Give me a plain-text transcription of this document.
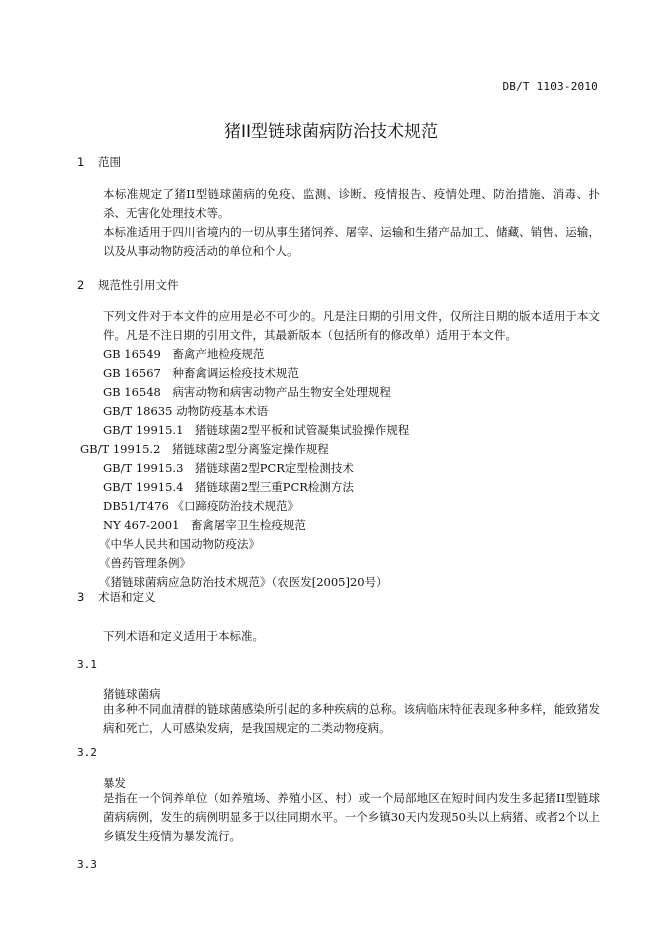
DB/T 1103-2010
猪II型链球菌病防治技术规范
1 范围
本标准规定了猪II型链球菌病的免疫、监测、诊断、疫情报告、疫情处理、防治措施、消毒、扑杀、无害化处理技术等。
本标准适用于四川省境内的一切从事生猪饲养、屠宰、运输和生猪产品加工、储藏、销售、运输，以及从事动物防疫活动的单位和个人。
2 规范性引用文件
下列文件对于本文件的应用是必不可少的。凡是注日期的引用文件，仅所注日期的版本适用于本文件。凡是不注日期的引用文件，其最新版本（包括所有的修改单）适用于本文件。
GB 16549　畜禽产地检疫规范
GB 16567　种畜禽调运检疫技术规范
GB 16548　病害动物和病害动物产品生物安全处理规程
GB/T 18635 动物防疫基本术语
GB/T 19915.1　猪链球菌2型平板和试管凝集试验操作规程
GB/T 19915.2　猪链球菌2型分离鉴定操作规程
GB/T 19915.3　猪链球菌2型PCR定型检测技术
GB/T 19915.4　猪链球菌2型三重PCR检测方法
DB51/T476 《口蹄疫防治技术规范》
NY 467-2001　畜禽屠宰卫生检疫规范
《中华人民共和国动物防疫法》
《兽药管理条例》
《猪链球菌病应急防治技术规范》（农医发[2005]20号）
3 术语和定义
下列术语和定义适用于本标准。
3.1
猪链球菌病
由多种不同血清群的链球菌感染所引起的多种疾病的总称。该病临床特征表现多种多样，能致猪发病和死亡，人可感染发病，是我国规定的二类动物疫病。
3.2
暴发
是指在一个饲养单位（如养殖场、养殖小区、村）或一个局部地区在短时间内发生多起猪II型链球菌病病例，发生的病例明显多于以往同期水平。一个乡镇30天内发现50头以上病猪、或者2个以上乡镇发生疫情为暴发流行。
3.3
